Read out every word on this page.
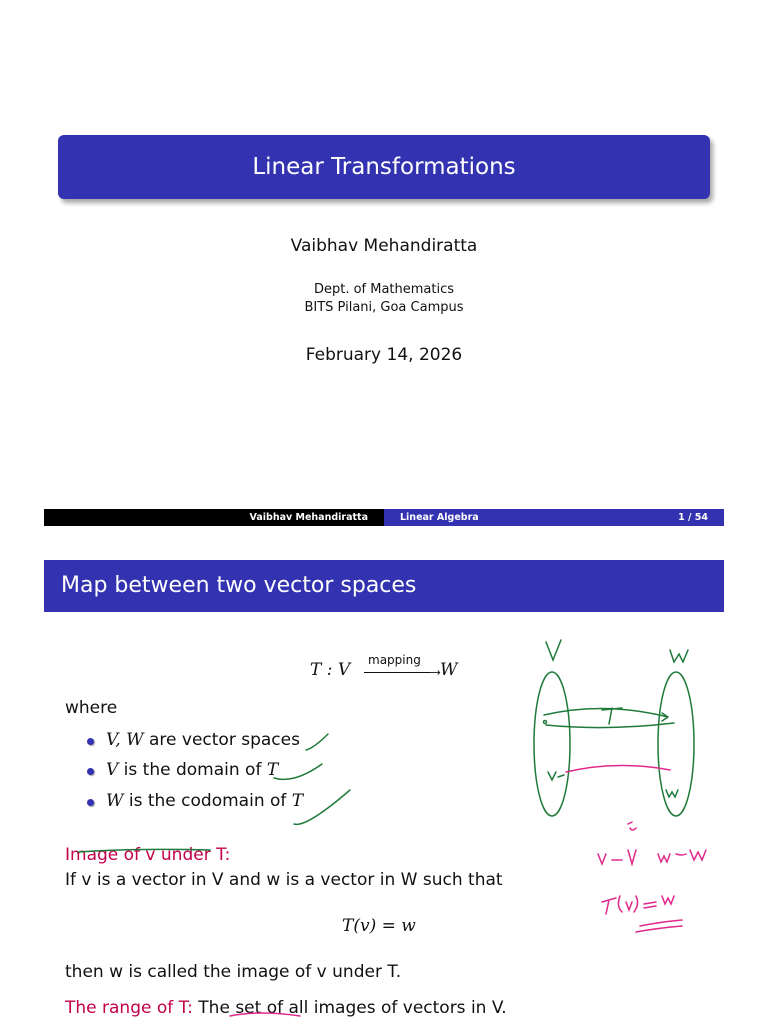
Linear Transformations
Vaibhav Mehandiratta
Dept. of Mathematics
BITS Pilani, Goa Campus
February 14, 2026
Vaibhav Mehandiratta	Linear Algebra	1 / 54
Map between two vector spaces
T : V mapping
⟶ W
where
V, W are vector spaces
V is the domain of T
W is the codomain of T
Image of v under T:
If v is a vector in V and w is a vector in W such that
T(v) = w
then w is called the image of v under T.
The range of T: The set of all images of vectors in V.
